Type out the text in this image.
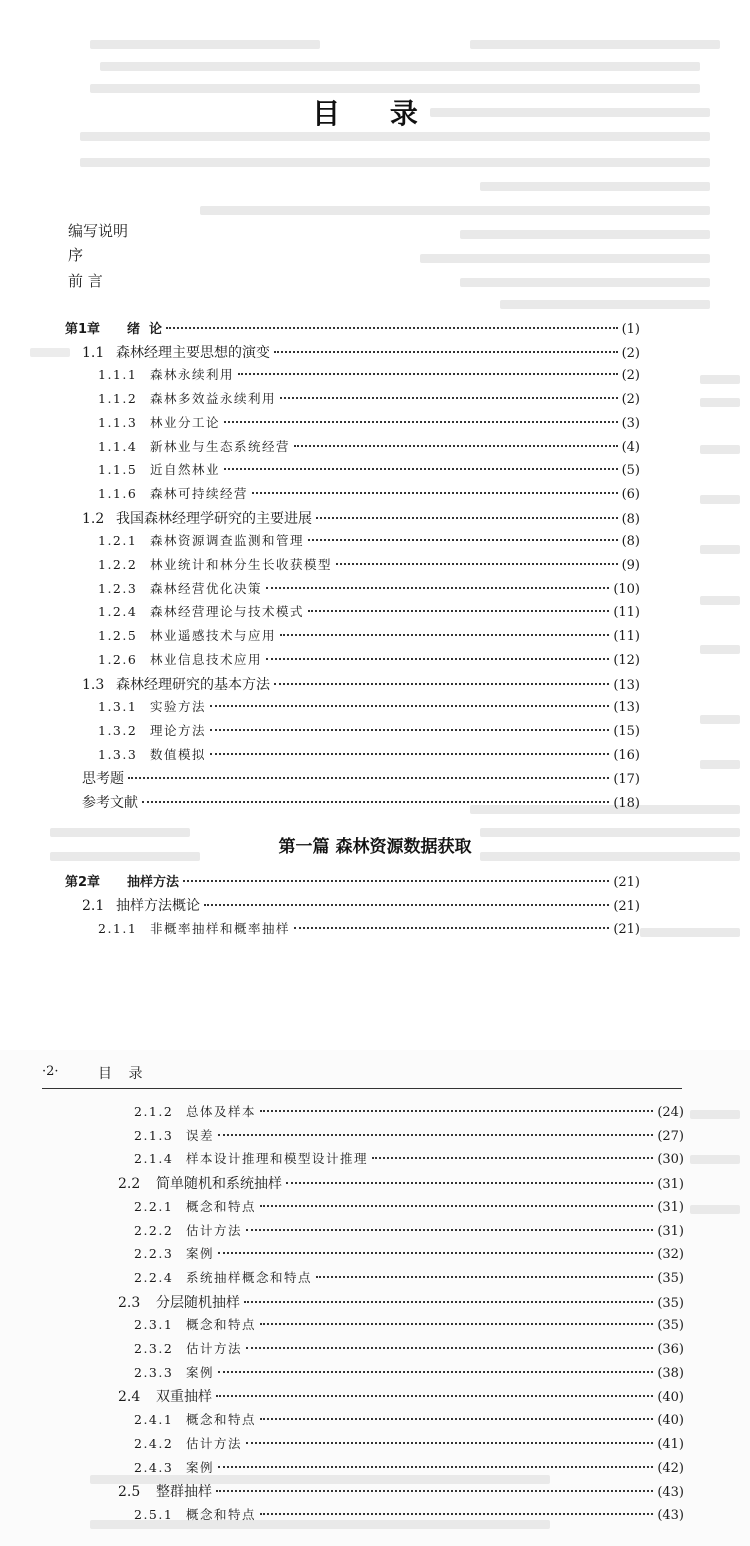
目 录
编写说明
序
前 言
第1章	绪  论	(1)
1.1 森林经理主要思想的演变	(2)
1.1.1	森林永续利用	(2)
1.1.2	森林多效益永续利用	(2)
1.1.3	林业分工论	(3)
1.1.4	新林业与生态系统经营	(4)
1.1.5	近自然林业	(5)
1.1.6	森林可持续经营	(6)
1.2 我国森林经理学研究的主要进展	(8)
1.2.1	森林资源调查监测和管理	(8)
1.2.2	林业统计和林分生长收获模型	(9)
1.2.3	森林经营优化决策	(10)
1.2.4	森林经营理论与技术模式	(11)
1.2.5	林业遥感技术与应用	(11)
1.2.6	林业信息技术应用	(12)
1.3 森林经理研究的基本方法	(13)
1.3.1	实验方法	(13)
1.3.2	理论方法	(15)
1.3.3	数值模拟	(16)
思考题	(17)
参考文献	(18)
第一篇 森林资源数据获取
第2章	抽样方法	(21)
2.1 抽样方法概论	(21)
2.1.1	非概率抽样和概率抽样	(21)
·2·	目 录
2.1.2	总体及样本	(24)
2.1.3	误差	(27)
2.1.4	样本设计推理和模型设计推理	(30)
2.2	简单随机和系统抽样	(31)
2.2.1	概念和特点	(31)
2.2.2	估计方法	(31)
2.2.3	案例	(32)
2.2.4	系统抽样概念和特点	(35)
2.3	分层随机抽样	(35)
2.3.1	概念和特点	(35)
2.3.2	估计方法	(36)
2.3.3	案例	(38)
2.4	双重抽样	(40)
2.4.1	概念和特点	(40)
2.4.2	估计方法	(41)
2.4.3	案例	(42)
2.5	整群抽样	(43)
2.5.1	概念和特点	(43)
